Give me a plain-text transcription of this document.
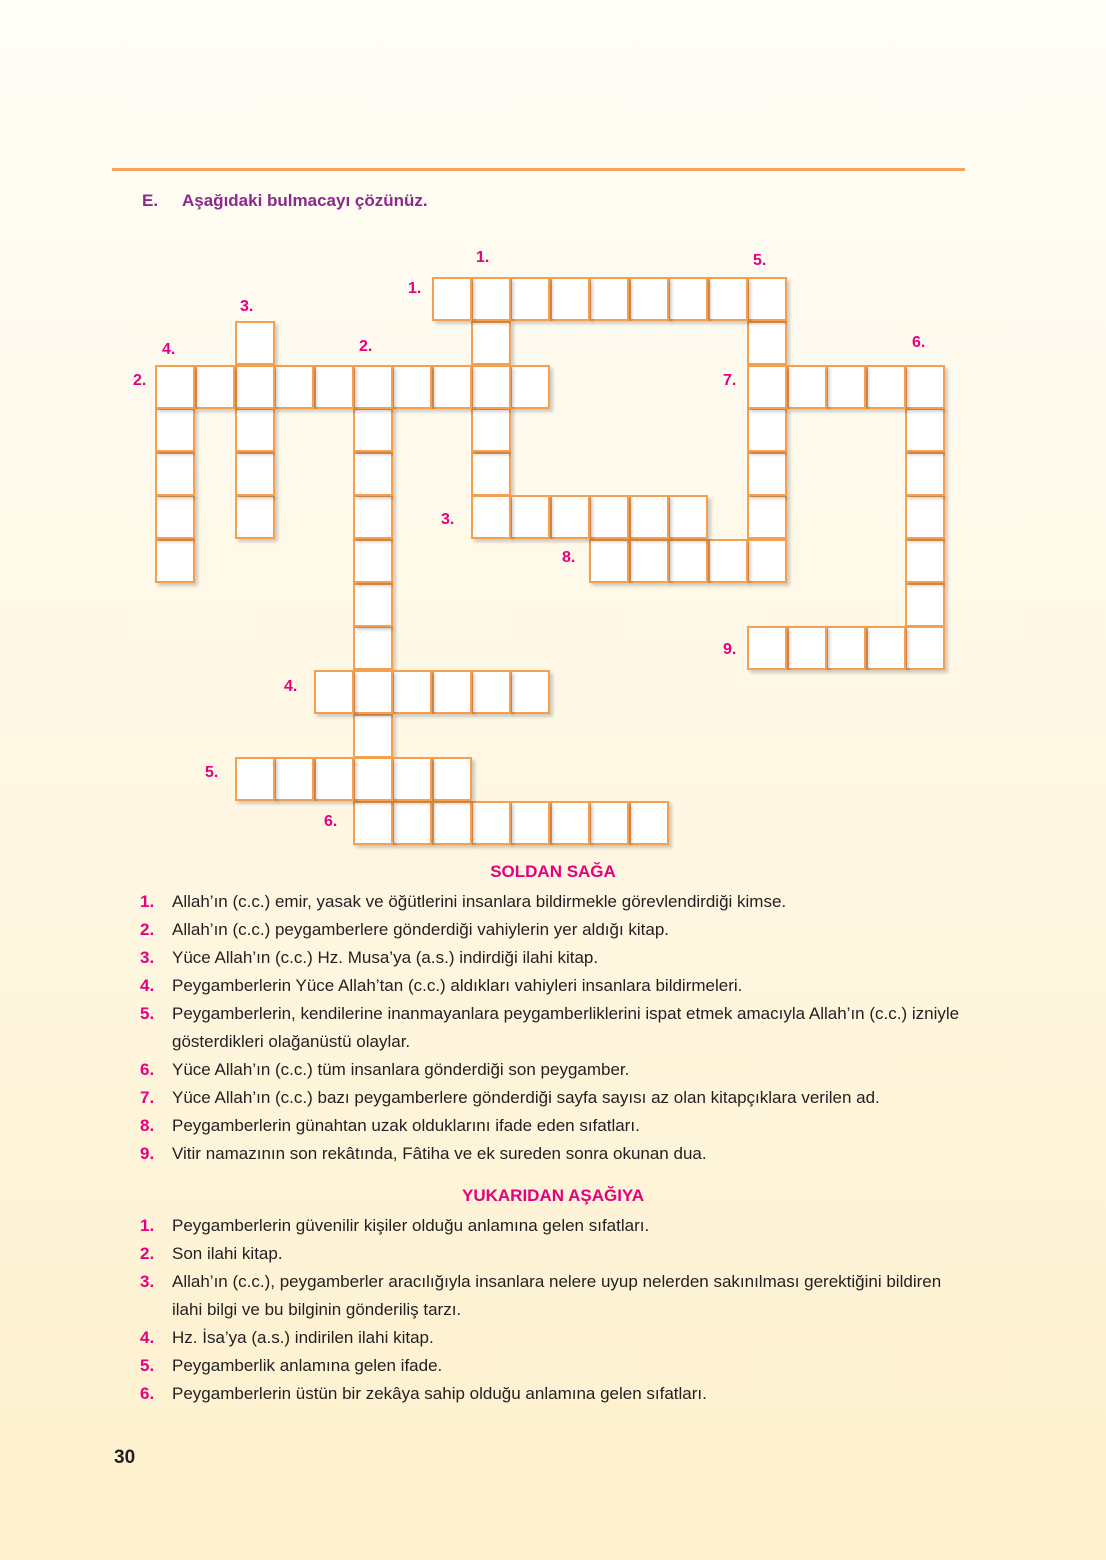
E. Aşağıdaki bulmacayı çözünüz.
1.
1.	5.
3.
4.	2.	6.
2.	7.
3.
8.
9.
4.
5.
6.
SOLDAN SAĞA
1. Allah’ın (c.c.) emir, yasak ve öğütlerini insanlara bildirmekle görevlendirdiği kimse.
2. Allah’ın (c.c.) peygamberlere gönderdiği vahiylerin yer aldığı kitap.
3. Yüce Allah’ın (c.c.) Hz. Musa’ya (a.s.) indirdiği ilahi kitap.
4. Peygamberlerin Yüce Allah’tan (c.c.) aldıkları vahiyleri insanlara bildirmeleri.
5. Peygamberlerin, kendilerine inanmayanlara peygamberliklerini ispat etmek amacıyla Allah’ın (c.c.) izniyle gösterdikleri olağanüstü olaylar.
6. Yüce Allah’ın (c.c.) tüm insanlara gönderdiği son peygamber.
7. Yüce Allah’ın (c.c.) bazı peygamberlere gönderdiği sayfa sayısı az olan kitapçıklara verilen ad.
8. Peygamberlerin günahtan uzak olduklarını ifade eden sıfatları.
9. Vitir namazının son rekâtında, Fâtiha ve ek sureden sonra okunan dua.
YUKARIDAN AŞAĞIYA
1. Peygamberlerin güvenilir kişiler olduğu anlamına gelen sıfatları.
2. Son ilahi kitap.
3. Allah’ın (c.c.), peygamberler aracılığıyla insanlara nelere uyup nelerden sakınılması gerektiğini bildiren ilahi bilgi ve bu bilginin gönderiliş tarzı.
4. Hz. İsa’ya (a.s.) indirilen ilahi kitap.
5. Peygamberlik anlamına gelen ifade.
6. Peygamberlerin üstün bir zekâya sahip olduğu anlamına gelen sıfatları.
30
